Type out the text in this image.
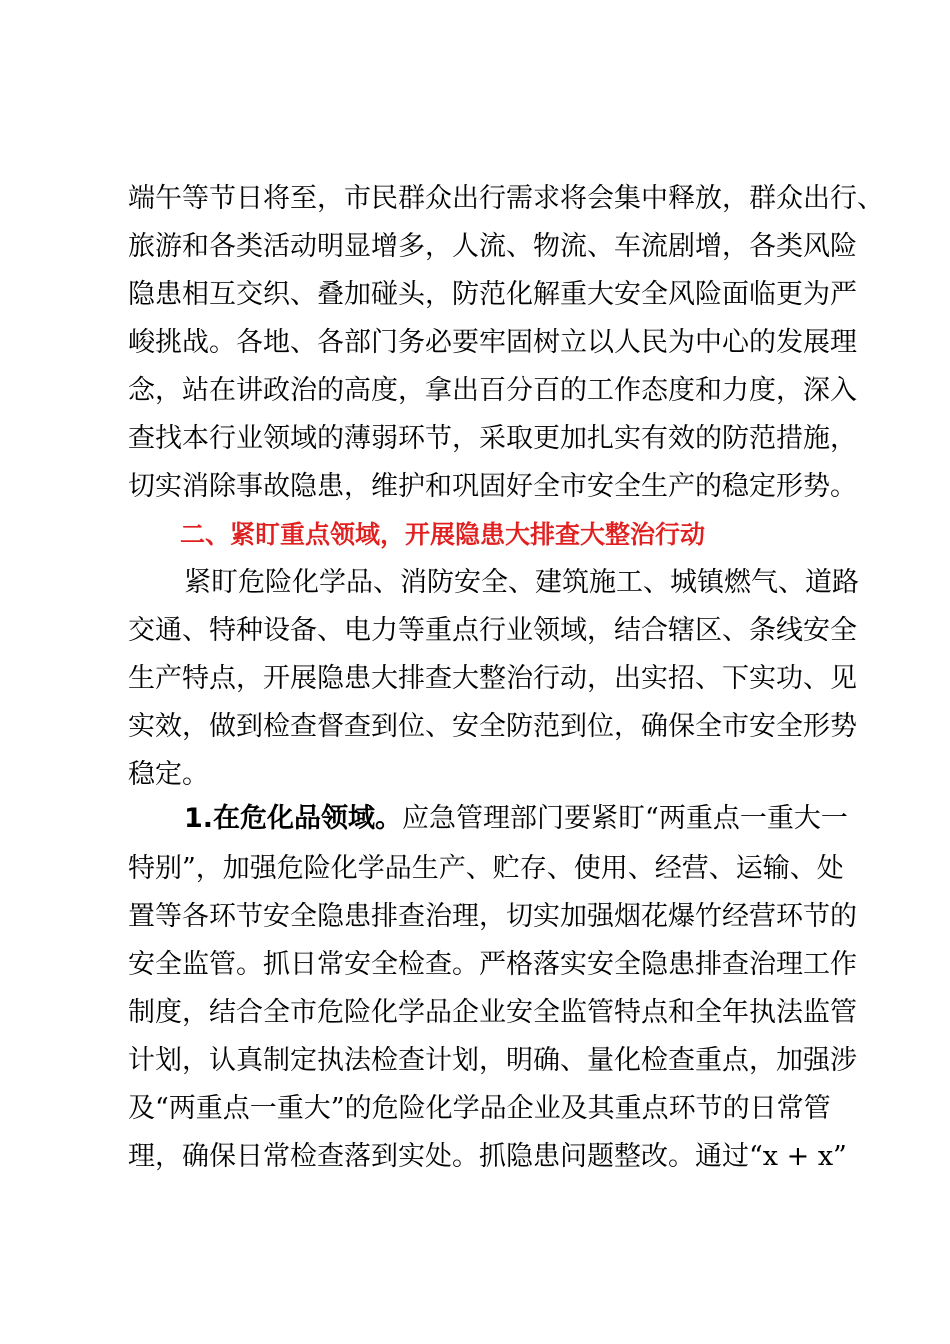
端午等节日将至，市民群众出行需求将会集中释放，群众出行、
旅游和各类活动明显增多，人流、物流、车流剧增，各类风险
隐患相互交织、叠加碰头，防范化解重大安全风险面临更为严
峻挑战。各地、各部门务必要牢固树立以人民为中心的发展理
念，站在讲政治的高度，拿出百分百的工作态度和力度，深入
查找本行业领域的薄弱环节，采取更加扎实有效的防范措施，
切实消除事故隐患，维护和巩固好全市安全生产的稳定形势。
二、紧盯重点领域，开展隐患大排查大整治行动
紧盯危险化学品、消防安全、建筑施工、城镇燃气、道路
交通、特种设备、电力等重点行业领域，结合辖区、条线安全
生产特点，开展隐患大排查大整治行动，出实招、下实功、见
实效，做到检查督查到位、安全防范到位，确保全市安全形势
稳定。
1.在危化品领域。应急管理部门要紧盯“两重点一重大一
特别”，加强危险化学品生产、贮存、使用、经营、运输、处
置等各环节安全隐患排查治理，切实加强烟花爆竹经营环节的
安全监管。抓日常安全检查。严格落实安全隐患排查治理工作
制度，结合全市危险化学品企业安全监管特点和全年执法监管
计划，认真制定执法检查计划，明确、量化检查重点，加强涉
及“两重点一重大”的危险化学品企业及其重点环节的日常管
理，确保日常检查落到实处。抓隐患问题整改。通过“x + x”
